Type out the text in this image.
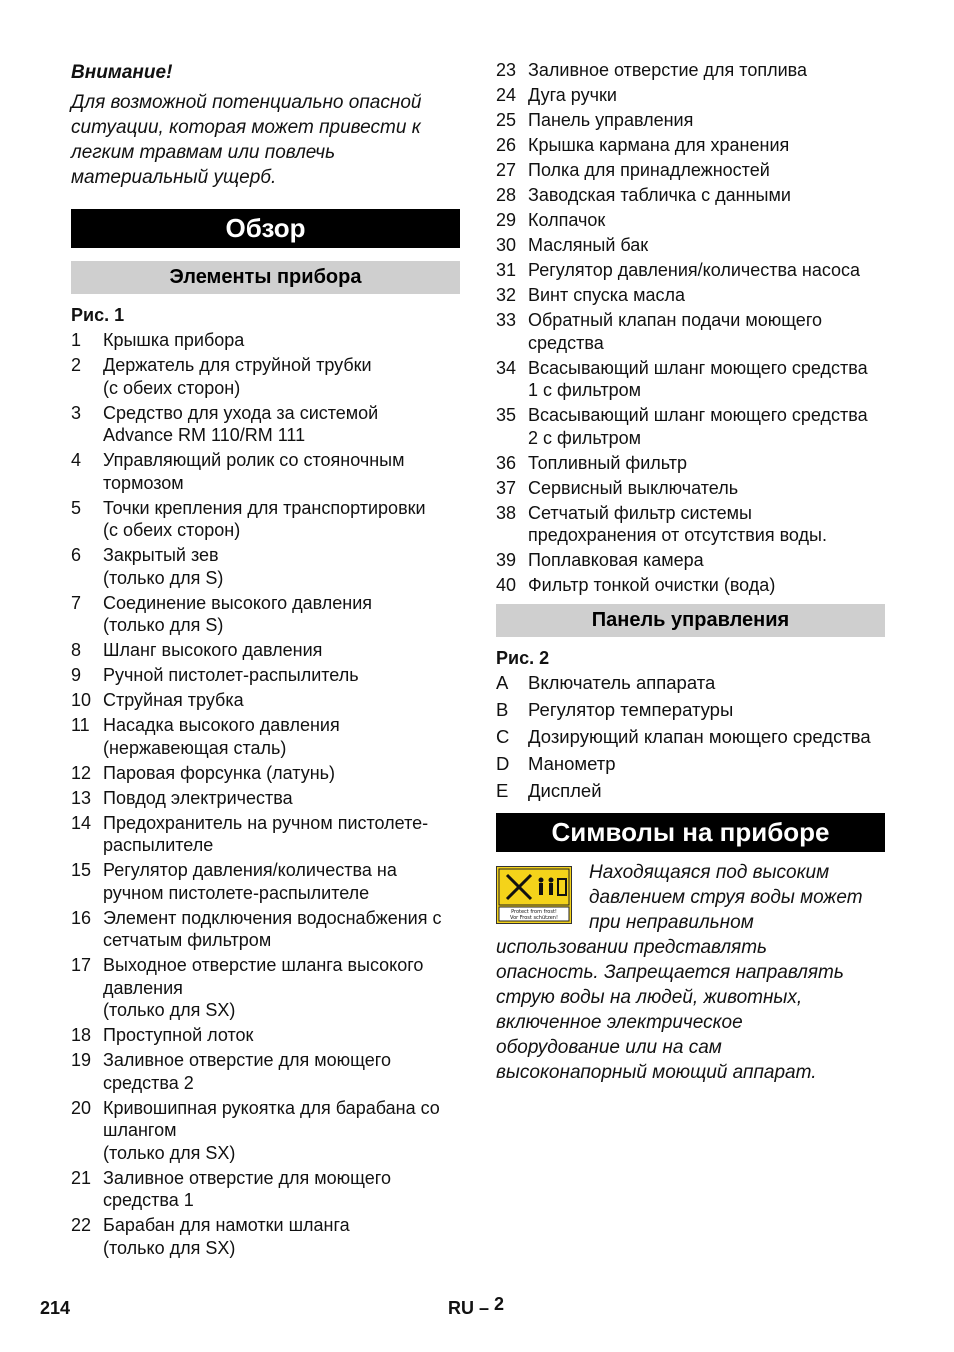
Внимание!
Для возможной потенциально опасной
ситуации, которая может привести к
легким травмам или повлечь
материальный ущерб.
Обзор
Элементы прибора
Рис. 1
1 Крышка прибора
2 Держатель для струйной трубки
(с обеих сторон)
3 Средство для ухода за системой
Advance RM 110/RM 111
4 Управляющий ролик со стояночным
тормозом
5 Точки крепления для транспортировки
(с обеих сторон)
6 Закрытый зев
(только для S)
7 Соединение высокого давления
(только для S)
8 Шланг высокого давления
9 Ручной пистолет-распылитель
10 Струйная трубка
11 Насадка высокого давления
(нержавеющая сталь)
12 Паровая форсунка (латунь)
13 Повдод электричества
14 Предохранитель на ручном пистолете-
распылителе
15 Регулятор давления/количества на
ручном пистолете-распылителе
16 Элемент подключения водоснабжения с
сетчатым фильтром
17 Выходное отверстие шланга высокого
давления
(только для SX)
18 Проступной лоток
19 Заливное отверстие для моющего
средства 2
20 Кривошипная рукоятка для барабана со
шлангом
(только для SX)
21 Заливное отверстие для моющего
средства 1
22 Барабан для намотки шланга
(только для SX)
23 Заливное отверстие для топлива
24 Дуга ручки
25 Панель управления
26 Крышка кармана для хранения
27 Полка для принадлежностей
28 Заводская табличка с данными
29 Колпачок
30 Масляный бак
31 Регулятор давления/количества насоса
32 Винт спуска масла
33 Обратный клапан подачи моющего
средства
34 Всасывающий шланг моющего средства
1 с фильтром
35 Всасывающий шланг моющего средства
2 с фильтром
36 Топливный фильтр
37 Сервисный выключатель
38 Сетчатый фильтр системы
предохранения от отсутствия воды.
39 Поплавковая камера
40 Фильтр тонкой очистки (вода)
Панель управления
Рис. 2
A Включатель аппарата
B Регулятор температуры
C Дозирующий клапан моющего средства
D Манометр
E Дисплей
Символы на приборе
Protect from frost!
Vor Frost schützen!
Находящаяся под высоким
давлением струя воды может
при неправильном
использовании представлять
опасность. Запрещается направлять
струю воды на людей, животных,
включенное электрическое
оборудование или на сам
высоконапорный моющий аппарат.
214	RU – 2
